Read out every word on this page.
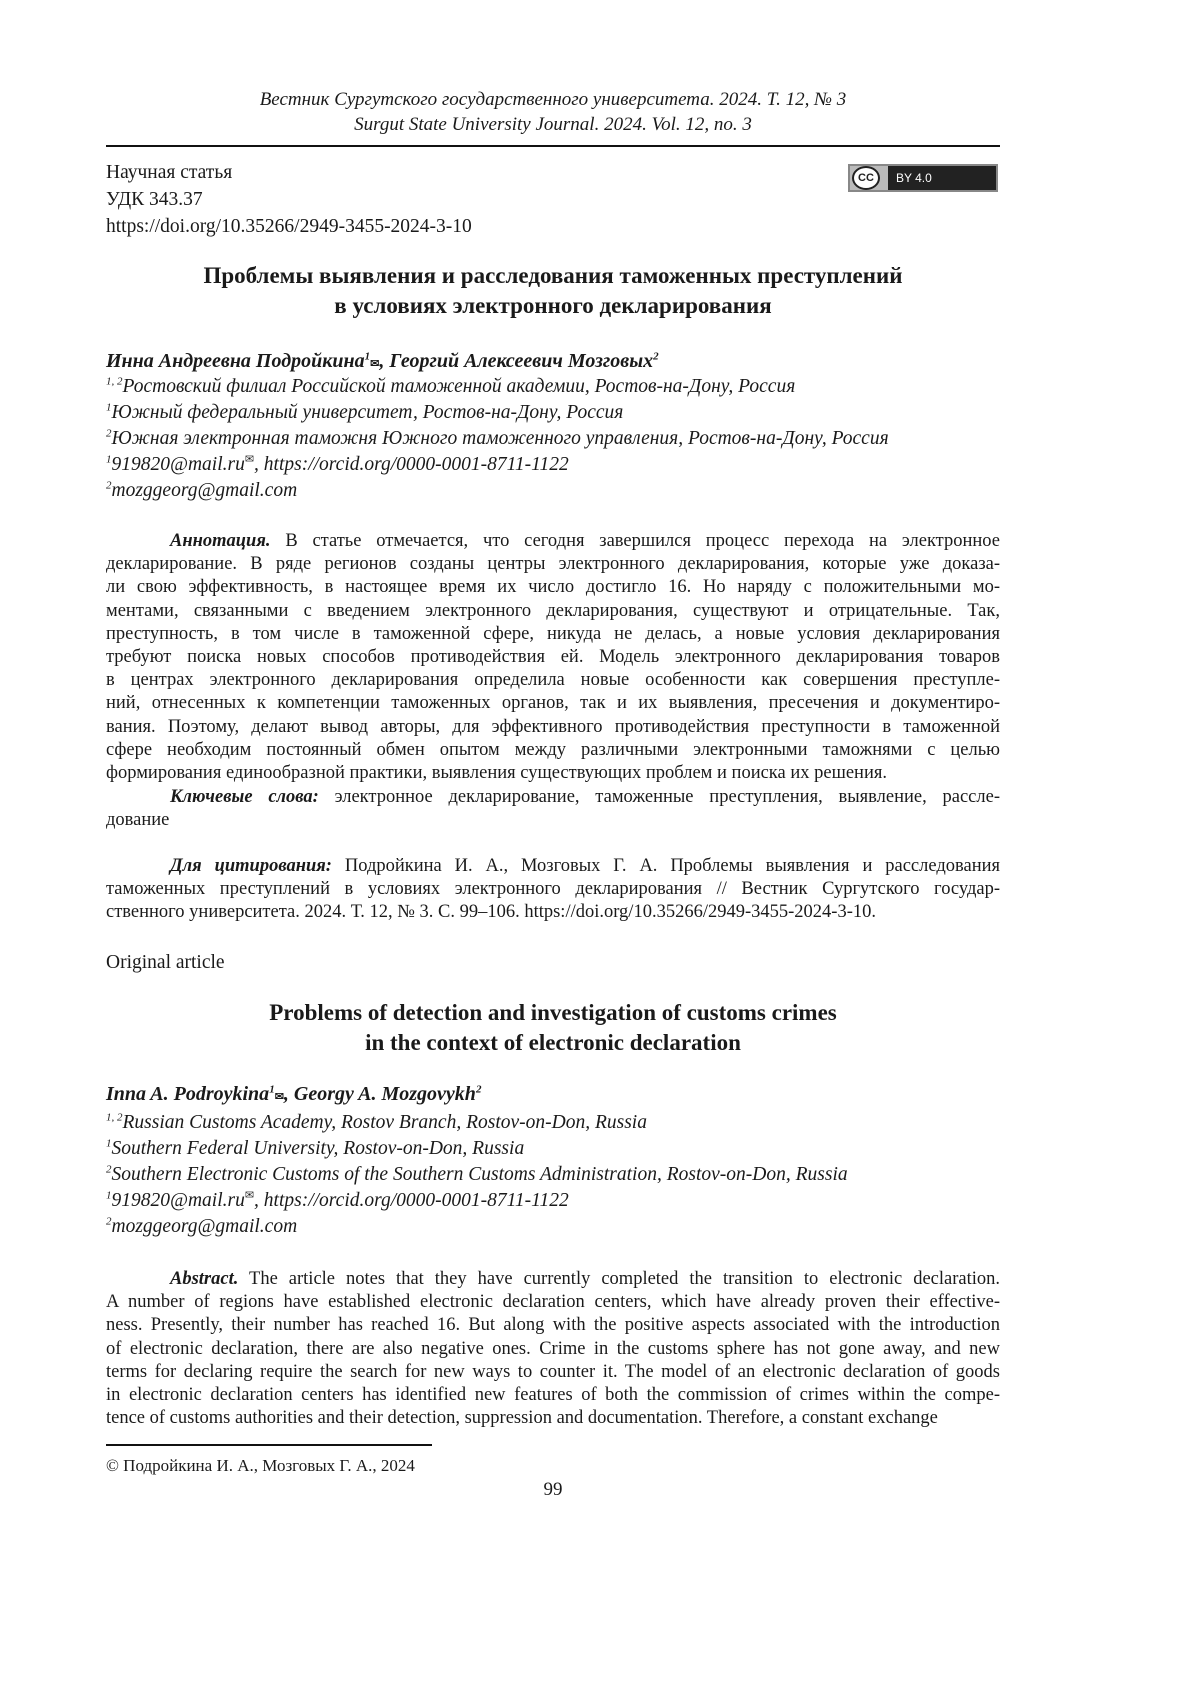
Вестник Сургутского государственного университета. 2024. Т. 12, № 3
Surgut State University Journal. 2024. Vol. 12, no. 3
Научная статья
УДК 343.37
https://doi.org/10.35266/2949-3455-2024-3-10
CC	BY 4.0
Проблемы выявления и расследования таможенных преступлений
в условиях электронного декларирования
Инна Андреевна Подройкина1✉, Георгий Алексеевич Мозговых2
1, 2Ростовский филиал Российской таможенной академии, Ростов-на-Дону, Россия
1Южный федеральный университет, Ростов-на-Дону, Россия
2Южная электронная таможня Южного таможенного управления, Ростов-на-Дону, Россия
1919820@mail.ru✉, https://orcid.org/0000-0001-8711-1122
2mozggeorg@gmail.com
Аннотация. В статье отмечается, что сегодня завершился процесс перехода на электронное
декларирование. В ряде регионов созданы центры электронного декларирования, которые уже доказа-
ли свою эффективность, в настоящее время их число достигло 16. Но наряду с положительными мо-
ментами, связанными с введением электронного декларирования, существуют и отрицательные. Так,
преступность, в том числе в таможенной сфере, никуда не делась, а новые условия декларирования
требуют поиска новых способов противодействия ей. Модель электронного декларирования товаров
в центрах электронного декларирования определила новые особенности как совершения преступле-
ний, отнесенных к компетенции таможенных органов, так и их выявления, пресечения и документиро-
вания. Поэтому, делают вывод авторы, для эффективного противодействия преступности в таможенной
сфере необходим постоянный обмен опытом между различными электронными таможнями с целью
формирования единообразной практики, выявления существующих проблем и поиска их решения.
Ключевые слова: электронное декларирование, таможенные преступления, выявление, рассле-
дование
Для цитирования: Подройкина И. А., Мозговых Г. А. Проблемы выявления и расследования
таможенных преступлений в условиях электронного декларирования // Вестник Сургутского государ-
ственного университета. 2024. Т. 12, № 3. С. 99–106. https://doi.org/10.35266/2949-3455-2024-3-10.
Original article
Problems of detection and investigation of customs crimes
in the context of electronic declaration
Inna A. Podroykina1✉, Georgy A. Mozgovykh2
1, 2Russian Customs Academy, Rostov Branch, Rostov-on-Don, Russia
1Southern Federal University, Rostov-on-Don, Russia
2Southern Electronic Customs of the Southern Customs Administration, Rostov-on-Don, Russia
1919820@mail.ru✉, https://orcid.org/0000-0001-8711-1122
2mozggeorg@gmail.com
Abstract. The article notes that they have currently completed the transition to electronic declaration.
A number of regions have established electronic declaration centers, which have already proven their effective-
ness. Presently, their number has reached 16. But along with the positive aspects associated with the introduction
of electronic declaration, there are also negative ones. Crime in the customs sphere has not gone away, and new
terms for declaring require the search for new ways to counter it. The model of an electronic declaration of goods
in electronic declaration centers has identified new features of both the commission of crimes within the compe-
tence of customs authorities and their detection, suppression and documentation. Therefore, a constant exchange
© Подройкина И. А., Мозговых Г. А., 2024
99
